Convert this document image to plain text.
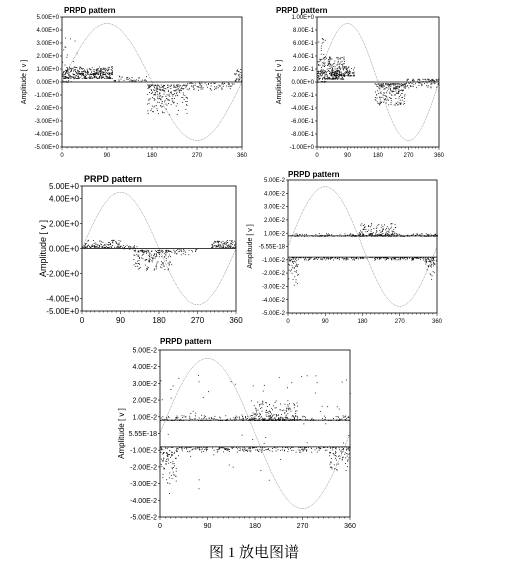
PRPD pattern
Amplitude [ v ]
5.00E+0
4.00E+0
3.00E+0
2.00E+0
1.00E+0
0.00E+0
-1.00E+0
-2.00E+0
-3.00E+0
-4.00E+0
-5.00E+0
0	90	180	270	360
PRPD pattern
Amplitude [ v ]
1.00E+0
8.00E-1
6.00E-1
4.00E-1
2.00E-1
0.00E+0
-2.00E-1
-4.00E-1
-6.00E-1
-8.00E-1
-1.00E+0
0	90	180	270	360
PRPD pattern
Amplitude [ v ]
5.00E+0
4.00E+0
2.00E+0
0.00E+0
-2.00E+0
-4.00E+0
-5.00E+0
0	90	180	270	360
PRPD pattern
Amplitude [ v ]
5.00E-2
4.00E-2
3.00E-2
2.00E-2
1.00E-2
-5.55E-18
-1.00E-2
-2.00E-2
-3.00E-2
-4.00E-2
-5.00E-2
0	90	180	270	360
PRPD pattern
Amplitude [ v ]
5.00E-2
4.00E-2
3.00E-2
2.00E-2
1.00E-2
5.55E-18
-1.00E-2
-2.00E-2
-3.00E-2
-4.00E-2
-5.00E-2
0	90	180	270	360
图 1 放电图谱
